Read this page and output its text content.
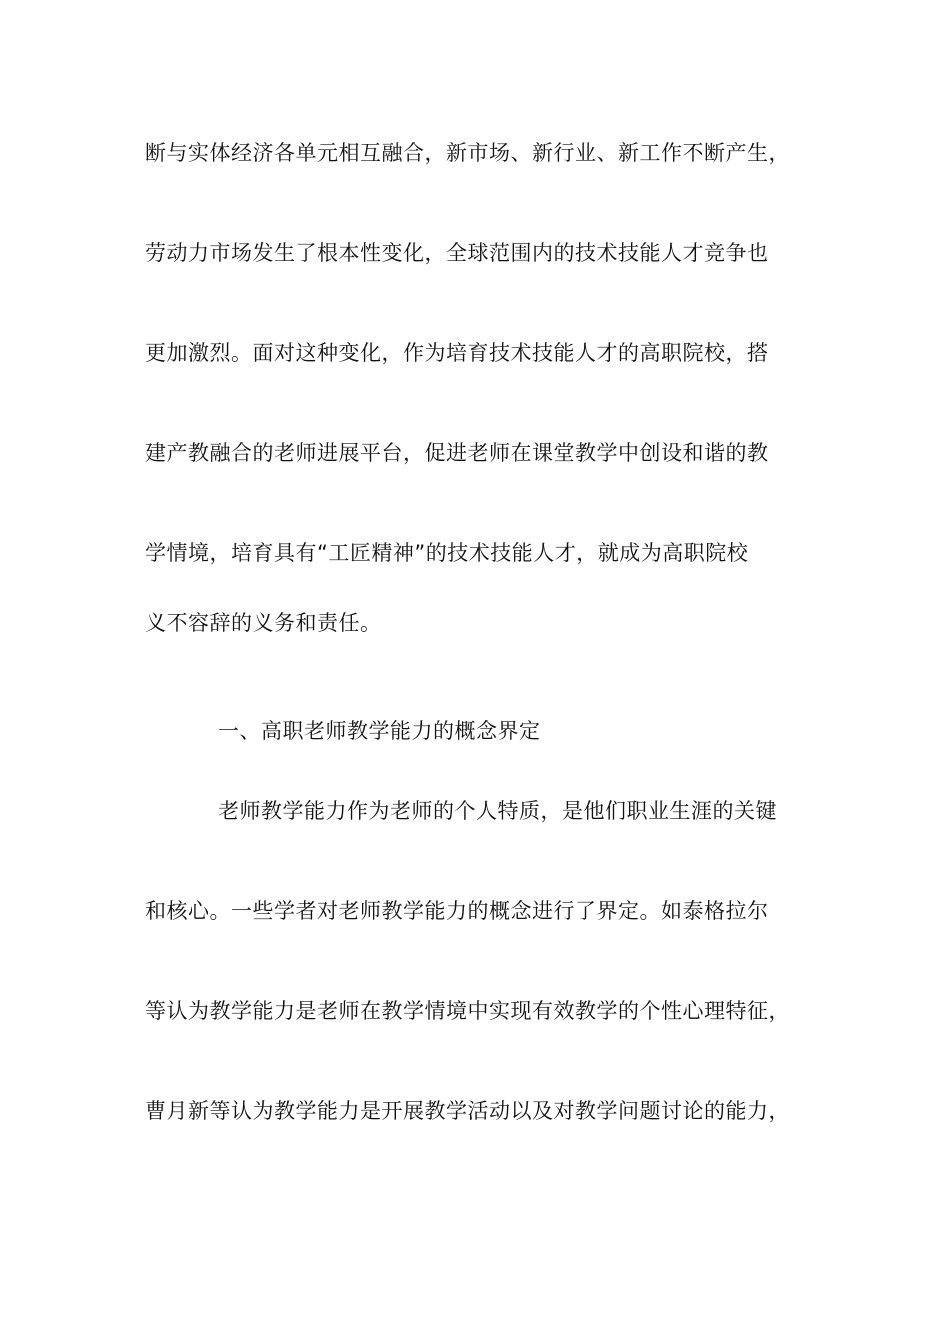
断与实体经济各单元相互融合，新市场、新行业、新工作不断产生，
劳动力市场发生了根本性变化，全球范围内的技术技能人才竞争也
更加激烈。面对这种变化，作为培育技术技能人才的高职院校，搭
建产教融合的老师进展平台，促进老师在课堂教学中创设和谐的教
学情境，培育具有“工匠精神”的技术技能人才，就成为高职院校
义不容辞的义务和责任。
一、高职老师教学能力的概念界定
老师教学能力作为老师的个人特质，是他们职业生涯的关键
和核心。一些学者对老师教学能力的概念进行了界定。如泰格拉尔
等认为教学能力是老师在教学情境中实现有效教学的个性心理特征，
曹月新等认为教学能力是开展教学活动以及对教学问题讨论的能力，
